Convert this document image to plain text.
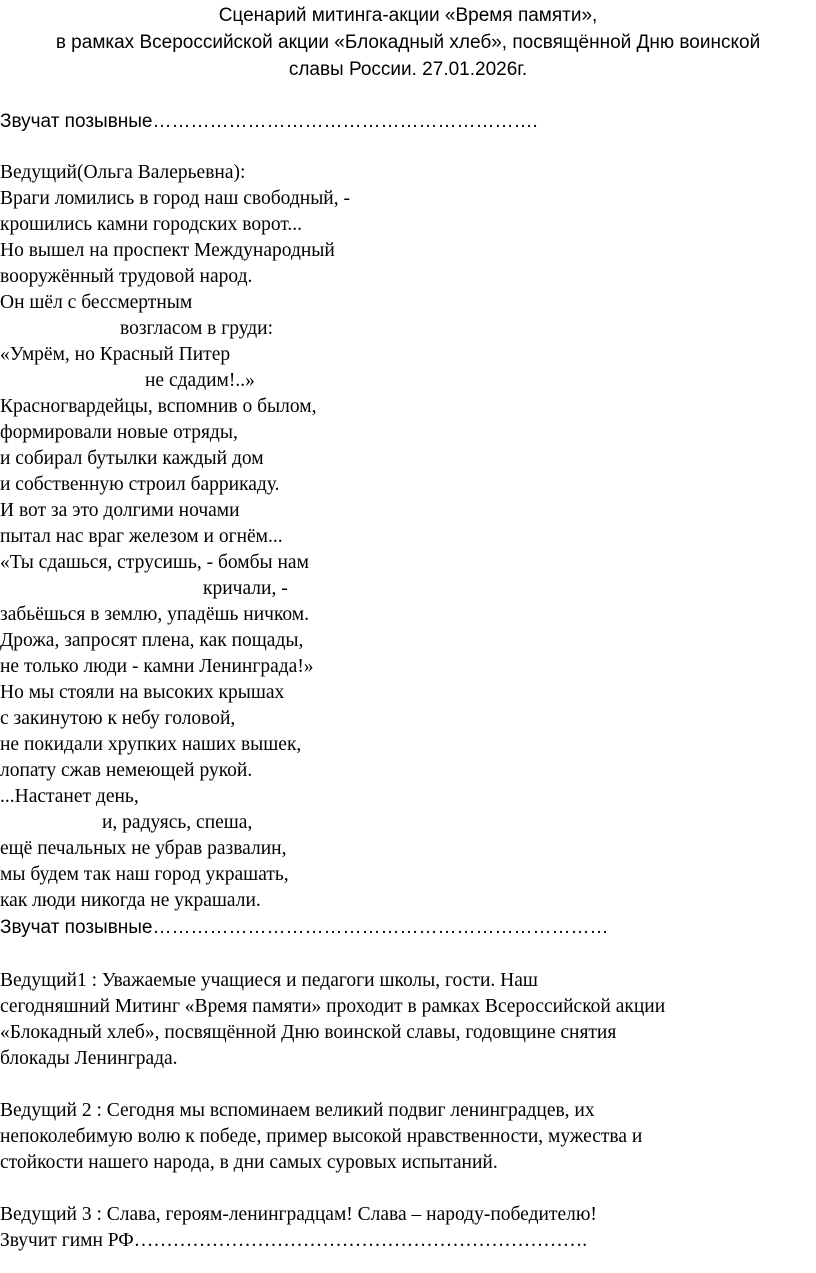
Сценарий митинга-акции «Время памяти»,
в рамках Всероссийской акции «Блокадный хлеб», посвящённой Дню воинской
славы России. 27.01.2026г.
Звучат позывные…………………………………………………….
Ведущий(Ольга Валерьевна):
Враги ломились в город наш свободный, -
крошились камни городских ворот...
Но вышел на проспект Международный
вооружённый трудовой народ.
Он шёл с бессмертным
возгласом в груди:
«Умрём, но Красный Питер
не сдадим!..»
Красногвардейцы, вспомнив о былом,
формировали новые отряды,
и собирал бутылки каждый дом
и собственную строил баррикаду.
И вот за это долгими ночами
пытал нас враг железом и огнём...
«Ты сдашься, струсишь, - бомбы нам
кричали, -
забьёшься в землю, упадёшь ничком.
Дрожа, запросят плена, как пощады,
не только люди - камни Ленинграда!»
Но мы стояли на высоких крышах
с закинутою к небу головой,
не покидали хрупких наших вышек,
лопату сжав немеющей рукой.
...Настанет день,
и, радуясь, спеша,
ещё печальных не убрав развалин,
мы будем так наш город украшать,
как люди никогда не украшали.
Звучат позывные………………………………………………………………
Ведущий1 : Уважаемые учащиеся и педагоги школы, гости. Наш
сегодняшний Митинг «Время памяти» проходит в рамках Всероссийской акции
«Блокадный хлеб», посвящённой Дню воинской славы, годовщине снятия
блокады Ленинграда.
Ведущий 2 : Сегодня мы вспоминаем великий подвиг ленинградцев, их
непоколебимую волю к победе, пример высокой нравственности, мужества и
стойкости нашего народа, в дни самых суровых испытаний.
Ведущий 3 : Слава, героям-ленинградцам! Слава – народу-победителю!
Звучит гимн РФ…………………………………………………………….
